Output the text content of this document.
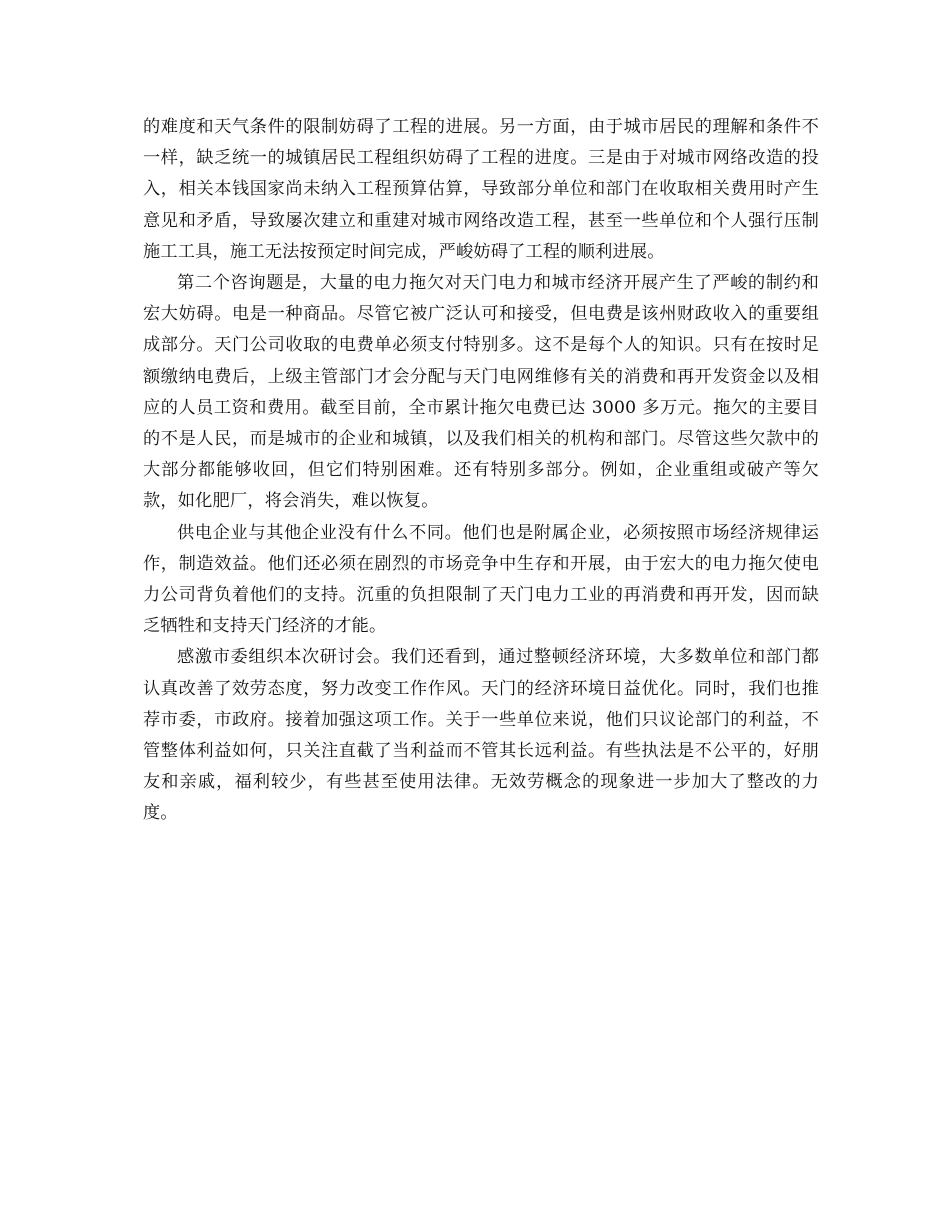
的难度和天气条件的限制妨碍了工程的进展。另一方面，由于城市居民的理解和条件不一样，缺乏统一的城镇居民工程组织妨碍了工程的进度。三是由于对城市网络改造的投入，相关本钱国家尚未纳入工程预算估算，导致部分单位和部门在收取相关费用时产生意见和矛盾，导致屡次建立和重建对城市网络改造工程，甚至一些单位和个人强行压制施工工具，施工无法按预定时间完成，严峻妨碍了工程的顺利进展。

第二个咨询题是，大量的电力拖欠对天门电力和城市经济开展产生了严峻的制约和宏大妨碍。电是一种商品。尽管它被广泛认可和接受，但电费是该州财政收入的重要组成部分。天门公司收取的电费单必须支付特别多。这不是每个人的知识。只有在按时足额缴纳电费后，上级主管部门才会分配与天门电网维修有关的消费和再开发资金以及相应的人员工资和费用。截至目前，全市累计拖欠电费已达 3000 多万元。拖欠的主要目的不是人民，而是城市的企业和城镇，以及我们相关的机构和部门。尽管这些欠款中的大部分都能够收回，但它们特别困难。还有特别多部分。例如，企业重组或破产等欠款，如化肥厂，将会消失，难以恢复。

供电企业与其他企业没有什么不同。他们也是附属企业，必须按照市场经济规律运作，制造效益。他们还必须在剧烈的市场竞争中生存和开展，由于宏大的电力拖欠使电力公司背负着他们的支持。沉重的负担限制了天门电力工业的再消费和再开发，因而缺乏牺牲和支持天门经济的才能。

感激市委组织本次研讨会。我们还看到，通过整顿经济环境，大多数单位和部门都认真改善了效劳态度，努力改变工作作风。天门的经济环境日益优化。同时，我们也推荐市委，市政府。接着加强这项工作。关于一些单位来说，他们只议论部门的利益，不管整体利益如何，只关注直截了当利益而不管其长远利益。有些执法是不公平的，好朋友和亲戚，福利较少，有些甚至使用法律。无效劳概念的现象进一步加大了整改的力度。
